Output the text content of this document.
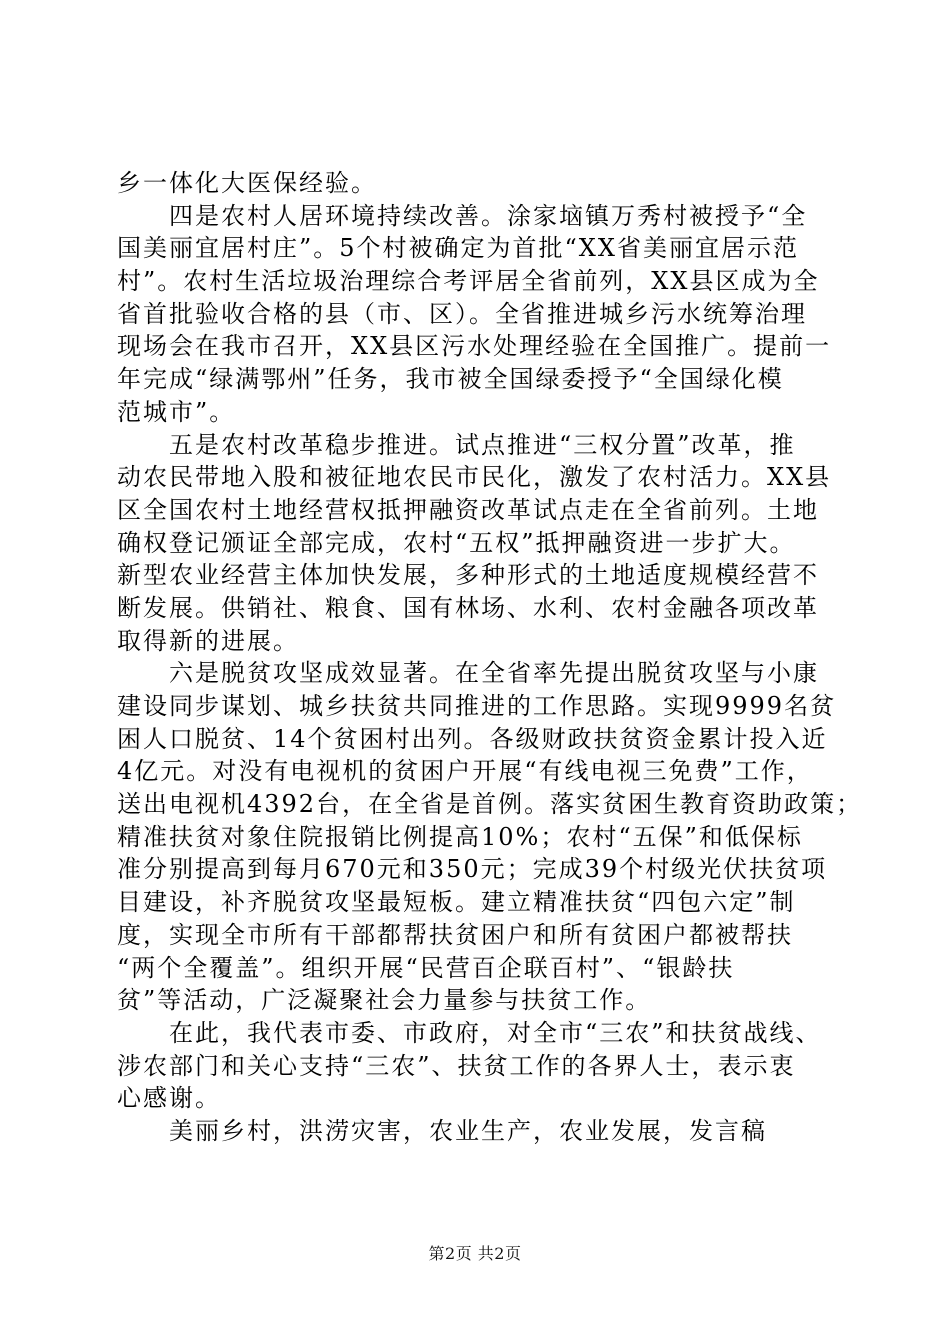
乡一体化大医保经验。
四是农村人居环境持续改善。涂家垴镇万秀村被授予“全
国美丽宜居村庄”。5个村被确定为首批“XX省美丽宜居示范
村”。农村生活垃圾治理综合考评居全省前列，XX县区成为全
省首批验收合格的县（市、区）。全省推进城乡污水统筹治理
现场会在我市召开，XX县区污水处理经验在全国推广。提前一
年完成“绿满鄂州”任务，我市被全国绿委授予“全国绿化模
范城市”。
五是农村改革稳步推进。试点推进“三权分置”改革，推
动农民带地入股和被征地农民市民化，激发了农村活力。XX县
区全国农村土地经营权抵押融资改革试点走在全省前列。土地
确权登记颁证全部完成，农村“五权”抵押融资进一步扩大。
新型农业经营主体加快发展，多种形式的土地适度规模经营不
断发展。供销社、粮食、国有林场、水利、农村金融各项改革
取得新的进展。
六是脱贫攻坚成效显著。在全省率先提出脱贫攻坚与小康
建设同步谋划、城乡扶贫共同推进的工作思路。实现9999名贫
困人口脱贫、14个贫困村出列。各级财政扶贫资金累计投入近
4亿元。对没有电视机的贫困户开展“有线电视三免费”工作，
送出电视机4392台，在全省是首例。落实贫困生教育资助政策；
精准扶贫对象住院报销比例提高10%；农村“五保”和低保标
准分别提高到每月670元和350元；完成39个村级光伏扶贫项
目建设，补齐脱贫攻坚最短板。建立精准扶贫“四包六定”制
度，实现全市所有干部都帮扶贫困户和所有贫困户都被帮扶
“两个全覆盖”。组织开展“民营百企联百村”、“银龄扶
贫”等活动，广泛凝聚社会力量参与扶贫工作。
在此，我代表市委、市政府，对全市“三农”和扶贫战线、
涉农部门和关心支持“三农”、扶贫工作的各界人士，表示衷
心感谢。
美丽乡村，洪涝灾害，农业生产，农业发展，发言稿
第2页 共2页
